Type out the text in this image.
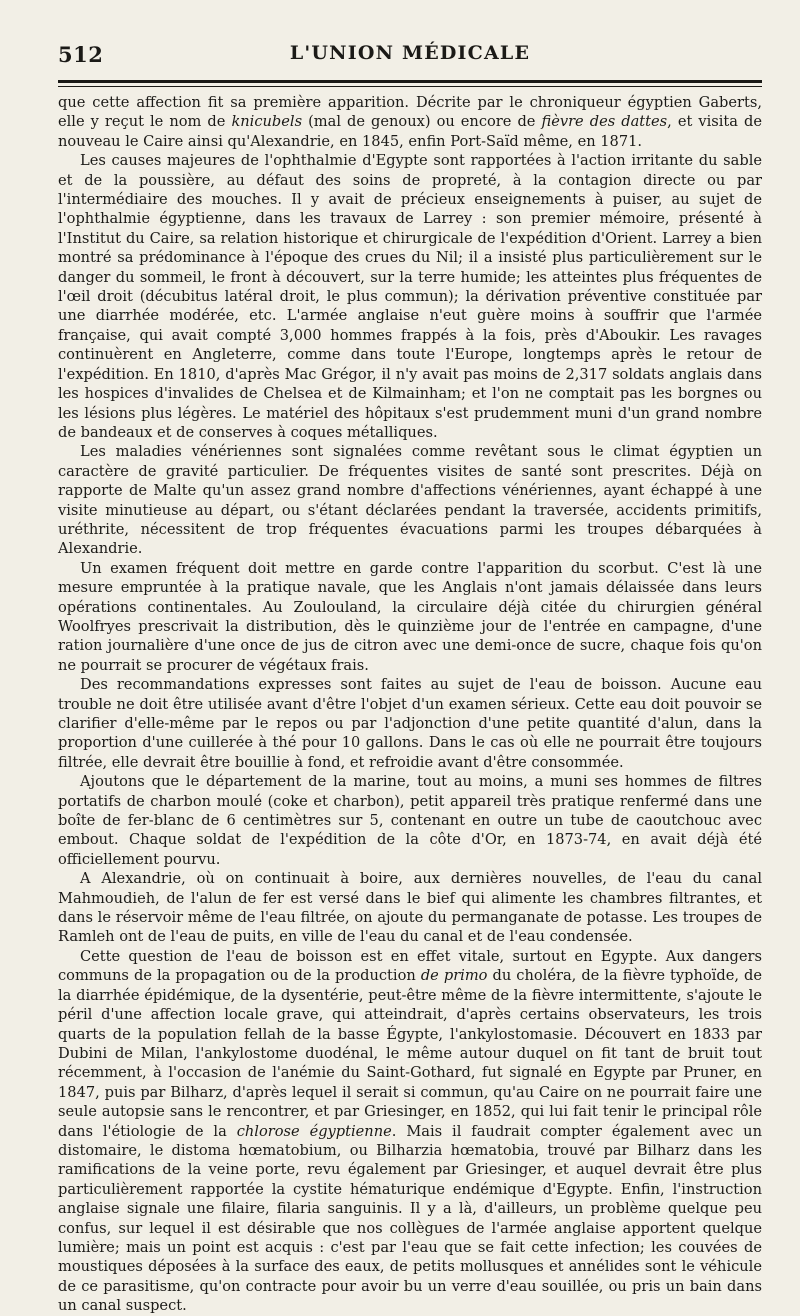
512	L'UNION MÉDICALE

que cette affection fit sa première apparition. Décrite par le chroniqueur égyptien Gaberts, elle y reçut le nom de knicubels (mal de genoux) ou encore de fièvre des dattes, et visita de nouveau le Caire ainsi qu'Alexandrie, en 1845, enfin Port-Saïd même, en 1871.

Les causes majeures de l'ophthalmie d'Egypte sont rapportées à l'action irritante du sable et de la poussière, au défaut des soins de propreté, à la contagion directe ou par l'intermédiaire des mouches. Il y avait de précieux enseignements à puiser, au sujet de l'ophthalmie égyptienne, dans les travaux de Larrey : son premier mémoire, présenté à l'Institut du Caire, sa relation historique et chirurgicale de l'expédition d'Orient. Larrey a bien montré sa prédominance à l'époque des crues du Nil; il a insisté plus particulièrement sur le danger du sommeil, le front à découvert, sur la terre humide; les atteintes plus fréquentes de l'œil droit (décubitus latéral droit, le plus commun); la dérivation préventive constituée par une diarrhée modérée, etc. L'armée anglaise n'eut guère moins à souffrir que l'armée française, qui avait compté 3,000 hommes frappés à la fois, près d'Aboukir. Les ravages continuèrent en Angleterre, comme dans toute l'Europe, longtemps après le retour de l'expédition. En 1810, d'après Mac Grégor, il n'y avait pas moins de 2,317 soldats anglais dans les hospices d'invalides de Chelsea et de Kilmainham; et l'on ne comptait pas les borgnes ou les lésions plus légères. Le matériel des hôpitaux s'est prudemment muni d'un grand nombre de bandeaux et de conserves à coques métalliques.

Les maladies vénériennes sont signalées comme revêtant sous le climat égyptien un caractère de gravité particulier. De fréquentes visites de santé sont prescrites. Déjà on rapporte de Malte qu'un assez grand nombre d'affections vénériennes, ayant échappé à une visite minutieuse au départ, ou s'étant déclarées pendant la traversée, accidents primitifs, uréthrite, nécessitent de trop fréquentes évacuations parmi les troupes débarquées à Alexandrie.

Un examen fréquent doit mettre en garde contre l'apparition du scorbut. C'est là une mesure empruntée à la pratique navale, que les Anglais n'ont jamais délaissée dans leurs opérations continentales. Au Zoulouland, la circulaire déjà citée du chirurgien général Woolfryes prescrivait la distribution, dès le quinzième jour de l'entrée en campagne, d'une ration journalière d'une once de jus de citron avec une demi-once de sucre, chaque fois qu'on ne pourrait se procurer de végétaux frais.

Des recommandations expresses sont faites au sujet de l'eau de boisson. Aucune eau trouble ne doit être utilisée avant d'être l'objet d'un examen sérieux. Cette eau doit pouvoir se clarifier d'elle-même par le repos ou par l'adjonction d'une petite quantité d'alun, dans la proportion d'une cuillerée à thé pour 10 gallons. Dans le cas où elle ne pourrait être toujours filtrée, elle devrait être bouillie à fond, et refroidie avant d'être consommée.

Ajoutons que le département de la marine, tout au moins, a muni ses hommes de filtres portatifs de charbon moulé (coke et charbon), petit appareil très pratique renfermé dans une boîte de fer-blanc de 6 centimètres sur 5, contenant en outre un tube de caoutchouc avec embout. Chaque soldat de l'expédition de la côte d'Or, en 1873-74, en avait déjà été officiellement pourvu.

A Alexandrie, où on continuait à boire, aux dernières nouvelles, de l'eau du canal Mahmoudieh, de l'alun de fer est versé dans le bief qui alimente les chambres filtrantes, et dans le réservoir même de l'eau filtrée, on ajoute du permanganate de potasse. Les troupes de Ramleh ont de l'eau de puits, en ville de l'eau du canal et de l'eau condensée.

Cette question de l'eau de boisson est en effet vitale, surtout en Egypte. Aux dangers communs de la propagation ou de la production de primo du choléra, de la fièvre typhoïde, de la diarrhée épidémique, de la dysentérie, peut-être même de la fièvre intermittente, s'ajoute le péril d'une affection locale grave, qui atteindrait, d'après certains observateurs, les trois quarts de la population fellah de la basse Égypte, l'ankylostomasie. Découvert en 1833 par Dubini de Milan, l'ankylostome duodénal, le même autour duquel on fit tant de bruit tout récemment, à l'occasion de l'anémie du Saint-Gothard, fut signalé en Egypte par Pruner, en 1847, puis par Bilharz, d'après lequel il serait si commun, qu'au Caire on ne pourrait faire une seule autopsie sans le rencontrer, et par Griesinger, en 1852, qui lui fait tenir le principal rôle dans l'étiologie de la chlorose égyptienne. Mais il faudrait compter également avec un distomaire, le distoma hœmatobium, ou Bilharzia hœmatobia, trouvé par Bilharz dans les ramifications de la veine porte, revu également par Griesinger, et auquel devrait être plus particulièrement rapportée la cystite hématurique endémique d'Egypte. Enfin, l'instruction anglaise signale une filaire, filaria sanguinis. Il y a là, d'ailleurs, un problème quelque peu confus, sur lequel il est désirable que nos collègues de l'armée anglaise apportent quelque lumière; mais un point est acquis : c'est par l'eau que se fait cette infection; les couvées de moustiques déposées à la surface des eaux, de petits mollusques et annélides sont le véhicule de ce parasitisme, qu'on contracte pour avoir bu un verre d'eau souillée, ou pris un bain dans un canal suspect.
